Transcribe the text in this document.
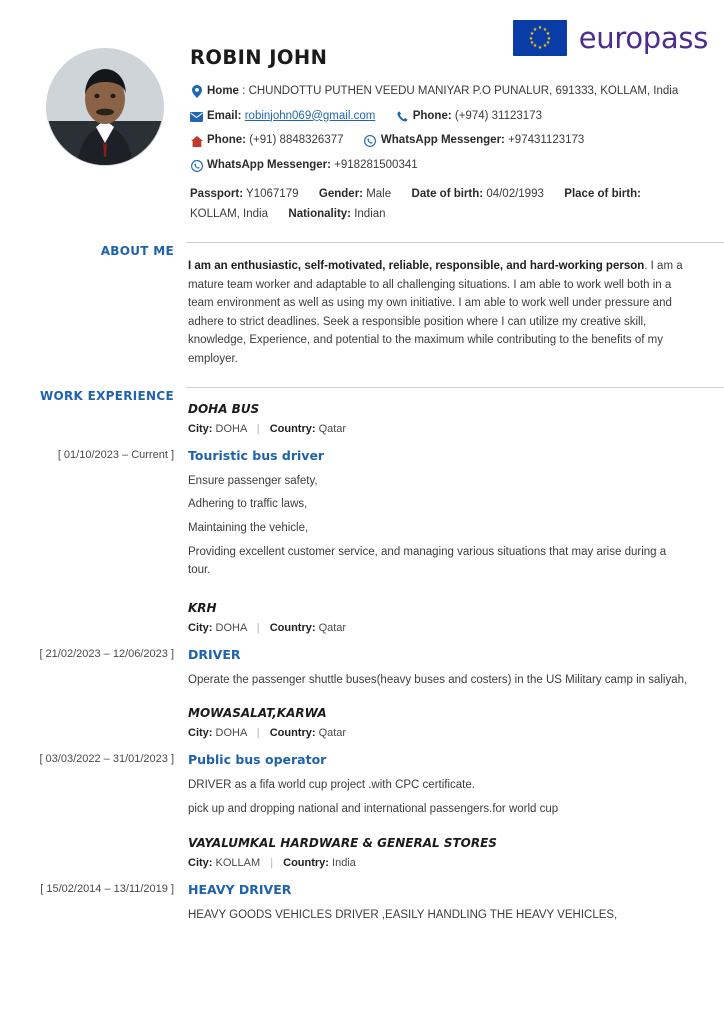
★ ★
★
★
★
★
★
★
★
★
★
★ europass
ROBIN JOHN
Home : CHUNDOTTU PUTHEN VEEDU MANIYAR P.O PUNALUR, 691333, KOLLAM, India
Email: robinjohn069@gmail.com	Phone: (+974) 31123173
Phone: (+91) 8848326377	WhatsApp Messenger: +97431123173
WhatsApp Messenger: +918281500341
Passport: Y1067179 Gender: Male Date of birth: 04/02/1993 Place of birth: KOLLAM, India Nationality: Indian
ABOUT ME
I am an enthusiastic, self-motivated, reliable, responsible, and hard-working person. I am a mature team worker and adaptable to all challenging situations. I am able to work well both in a team environment as well as using my own initiative. I am able to work well under pressure and adhere to strict deadlines. Seek a responsible position where I can utilize my creative skill, knowledge, Experience, and potential to the maximum while contributing to the benefits of my employer.
WORK EXPERIENCE
DOHA BUS
City: DOHA | Country: Qatar
[ 01/10/2023 – Current ]	Touristic bus driver
Ensure passenger safety,
Adhering to traffic laws,
Maintaining the vehicle,
Providing excellent customer service, and managing various situations that may arise during a tour.
KRH
City: DOHA | Country: Qatar
[ 21/02/2023 – 12/06/2023 ]	DRIVER
Operate the passenger shuttle buses(heavy buses and costers) in the US Military camp in saliyah,
MOWASALAT,KARWA
City: DOHA | Country: Qatar
[ 03/03/2022 – 31/01/2023 ]	Public bus operator
DRIVER as a fifa world cup project .with CPC certificate.
pick up and dropping national and international passengers.for world cup
VAYALUMKAL HARDWARE & GENERAL STORES
City: KOLLAM | Country: India
[ 15/02/2014 – 13/11/2019 ]	HEAVY DRIVER
HEAVY GOODS VEHICLES DRIVER ,EASILY HANDLING THE HEAVY VEHICLES,
